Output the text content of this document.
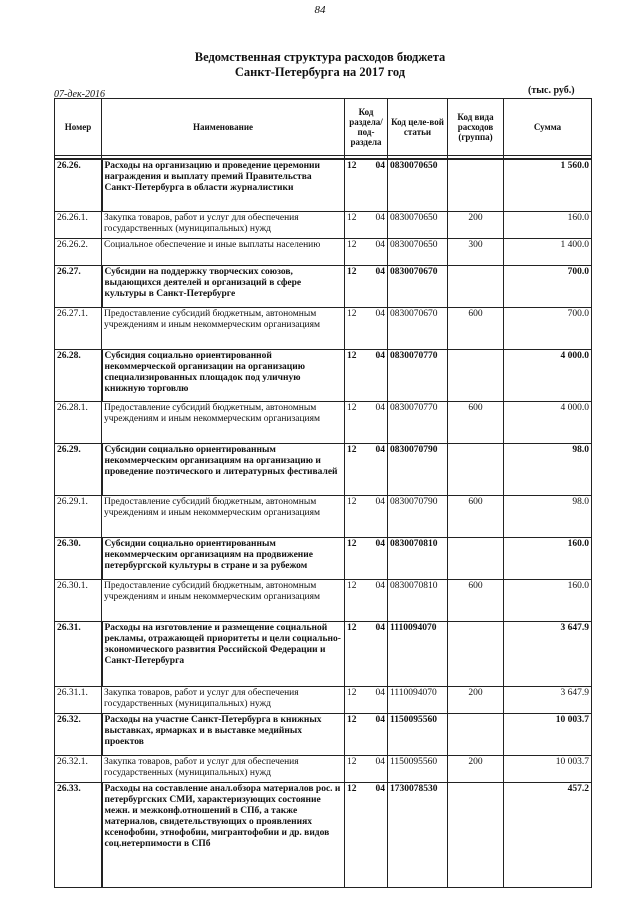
84
Ведомственная структура расходов бюджета
Санкт-Петербурга на 2017 год
07-дек-2016	(тыс. руб.)
Номер	Наименование	Код раздела/ под-раздела	Код целе-вой статьи	Код вида расходов (группа)	Сумма

26.26.	Расходы на организацию и проведение церемонии награждения и выплату премий Правительства Санкт-Петербурга в области журналистики	12 04	0830070650		1 560.0
26.26.1.	Закупка товаров, работ и услуг для обеспечения государственных (муниципальных) нужд	12 04	0830070650	200	160.0
26.26.2.	Социальное обеспечение и иные выплаты населению	12 04	0830070650	300	1 400.0
26.27.	Субсидии на поддержку творческих союзов, выдающихся деятелей и организаций в сфере культуры в Санкт-Петербурге	12 04	0830070670		700.0
26.27.1.	Предоставление субсидий бюджетным, автономным учреждениям и иным некоммерческим организациям	12 04	0830070670	600	700.0
26.28.	Субсидия социально ориентированной некоммерческой организации на организацию специализированных площадок под уличную книжную торговлю	12 04	0830070770		4 000.0
26.28.1.	Предоставление субсидий бюджетным, автономным учреждениям и иным некоммерческим организациям	12 04	0830070770	600	4 000.0
26.29.	Субсидии социально ориентированным некоммерческим организациям на организацию и проведение поэтического и литературных фестивалей	12 04	0830070790		98.0
26.29.1.	Предоставление субсидий бюджетным, автономным учреждениям и иным некоммерческим организациям	12 04	0830070790	600	98.0
26.30.	Субсидии социально ориентированным некоммерческим организациям на продвижение петербургской культуры в стране и за рубежом	12 04	0830070810		160.0
26.30.1.	Предоставление субсидий бюджетным, автономным учреждениям и иным некоммерческим организациям	12 04	0830070810	600	160.0
26.31.	Расходы на изготовление и размещение социальной рекламы, отражающей приоритеты и цели социально-экономического развития Российской Федерации и Санкт-Петербурга	12 04	1110094070		3 647.9
26.31.1.	Закупка товаров, работ и услуг для обеспечения государственных (муниципальных) нужд	12 04	1110094070	200	3 647.9
26.32.	Расходы на участие Санкт-Петербурга в книжных выставках, ярмарках и в выставке медийных проектов	12 04	1150095560		10 003.7
26.32.1.	Закупка товаров, работ и услуг для обеспечения государственных (муниципальных) нужд	12 04	1150095560	200	10 003.7
26.33.	Расходы на составление анал.обзора материалов рос. и петербургских СМИ, характеризующих состояние межн. и межконф.отношений в СПб, а также материалов, свидетельствующих о проявлениях ксенофобии, этнофобии, мигрантофобии и др. видов соц.нетерпимости в СПб	12 04	1730078530		457.2
